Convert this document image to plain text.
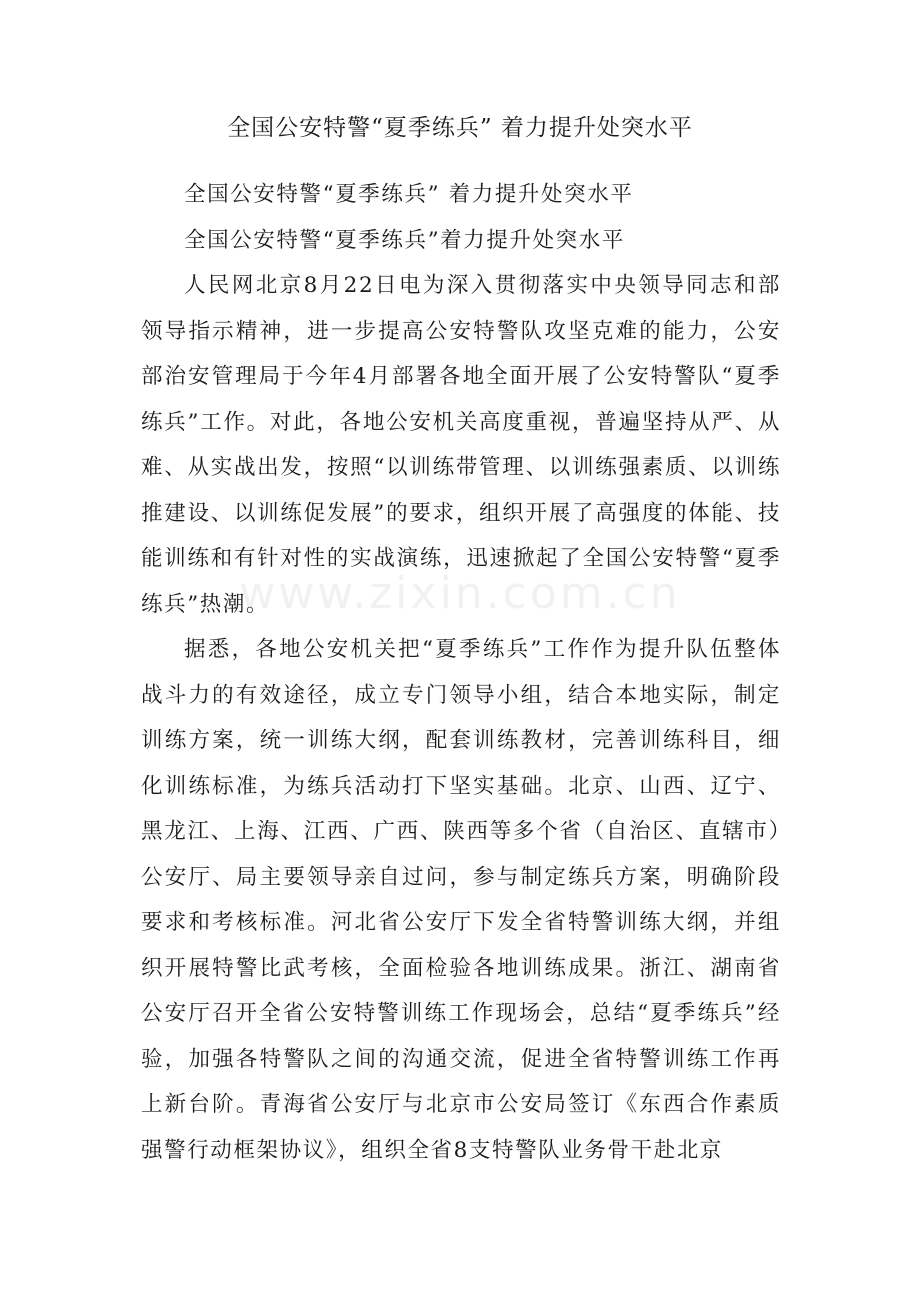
全国公安特警“夏季练兵” 着力提升处突水平

全国公安特警“夏季练兵” 着力提升处突水平

全国公安特警“夏季练兵”着力提升处突水平

人民网北京8月22日电为深入贯彻落实中央领导同志和部领导指示精神，进一步提高公安特警队攻坚克难的能力，公安部治安管理局于今年4月部署各地全面开展了公安特警队“夏季练兵”工作。对此，各地公安机关高度重视，普遍坚持从严、从难、从实战出发，按照“以训练带管理、以训练强素质、以训练推建设、以训练促发展”的要求，组织开展了高强度的体能、技能训练和有针对性的实战演练，迅速掀起了全国公安特警“夏季练兵”热潮。

据悉，各地公安机关把“夏季练兵”工作作为提升队伍整体战斗力的有效途径，成立专门领导小组，结合本地实际，制定训练方案，统一训练大纲，配套训练教材，完善训练科目，细化训练标准，为练兵活动打下坚实基础。北京、山西、辽宁、黑龙江、上海、江西、广西、陕西等多个省（自治区、直辖市）公安厅、局主要领导亲自过问，参与制定练兵方案，明确阶段要求和考核标准。河北省公安厅下发全省特警训练大纲，并组织开展特警比武考核，全面检验各地训练成果。浙江、湖南省公安厅召开全省公安特警训练工作现场会，总结“夏季练兵”经验，加强各特警队之间的沟通交流，促进全省特警训练工作再上新台阶。青海省公安厅与北京市公安局签订《东西合作素质强警行动框架协议》，组织全省8支特警队业务骨干赴北京

www.zixin.com.cn
